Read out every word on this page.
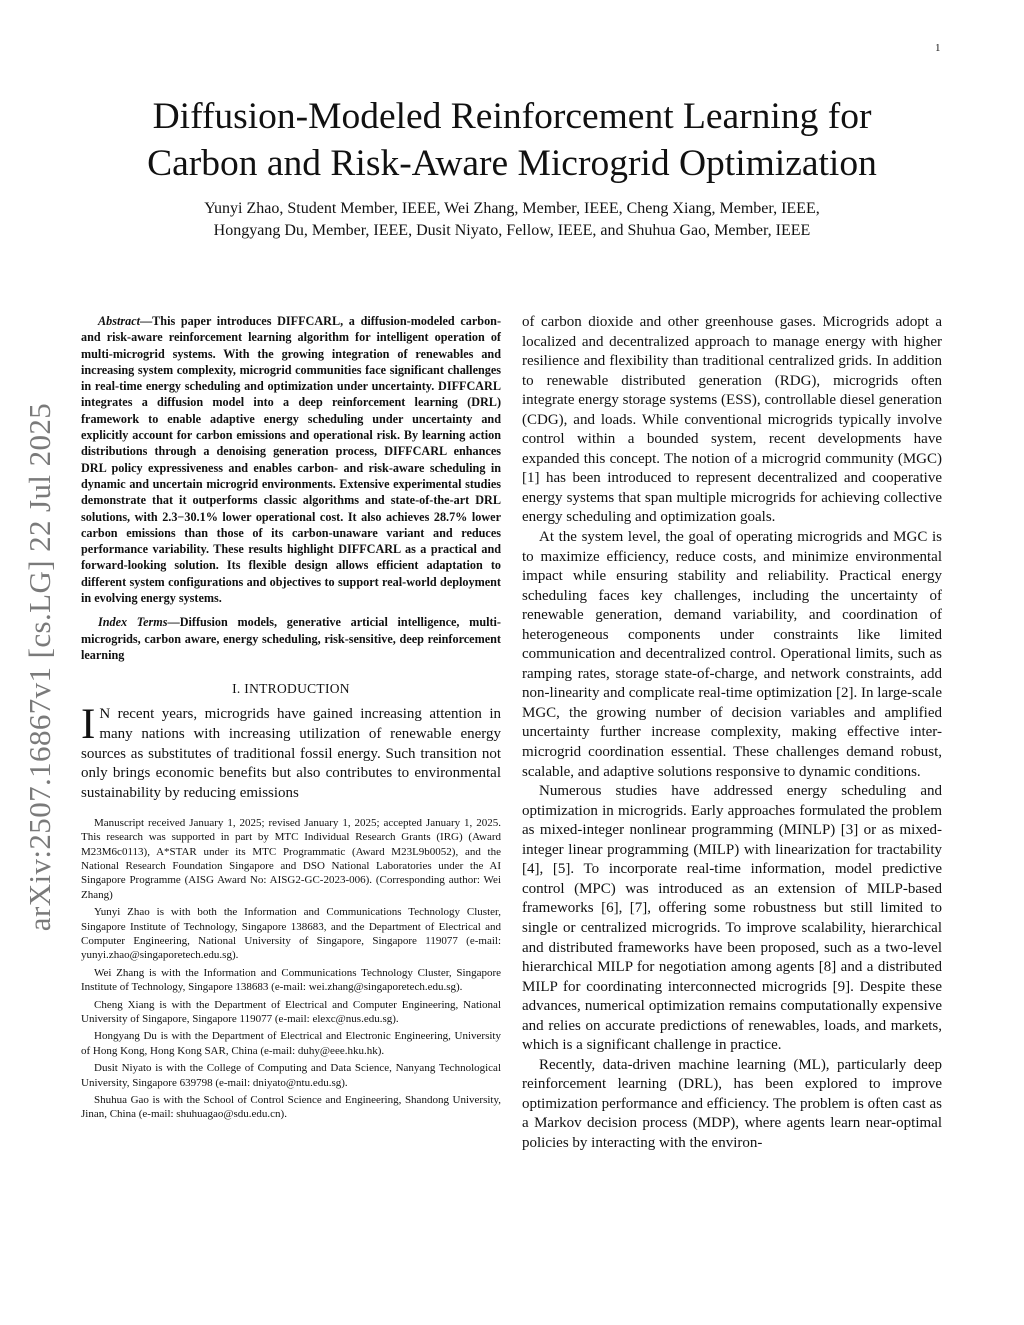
1
arXiv:2507.16867v1 [cs.LG] 22 Jul 2025
Diffusion-Modeled Reinforcement Learning for
Carbon and Risk-Aware Microgrid Optimization
Yunyi Zhao, Student Member, IEEE, Wei Zhang, Member, IEEE, Cheng Xiang, Member, IEEE,
Hongyang Du, Member, IEEE, Dusit Niyato, Fellow, IEEE, and Shuhua Gao, Member, IEEE

Abstract—This paper introduces DIFFCARL, a diffusion-modeled carbon- and risk-aware reinforcement learning algorithm for intelligent operation of multi-microgrid systems. With the growing integration of renewables and increasing system complexity, microgrid communities face significant challenges in real-time energy scheduling and optimization under uncertainty. DIFFCARL integrates a diffusion model into a deep reinforcement learning (DRL) framework to enable adaptive energy scheduling under uncertainty and explicitly account for carbon emissions and operational risk. By learning action distributions through a denoising generation process, DIFFCARL enhances DRL policy expressiveness and enables carbon- and risk-aware scheduling in dynamic and uncertain microgrid environments. Extensive experimental studies demonstrate that it outperforms classic algorithms and state-of-the-art DRL solutions, with 2.3−30.1% lower operational cost. It also achieves 28.7% lower carbon emissions than those of its carbon-unaware variant and reduces performance variability. These results highlight DIFFCARL as a practical and forward-looking solution. Its flexible design allows efficient adaptation to different system configurations and objectives to support real-world deployment in evolving energy systems.

Index Terms—Diffusion models, generative articial intelligence, multi-microgrids, carbon aware, energy scheduling, risk-sensitive, deep reinforcement learning

I. INTRODUCTION

I N recent years, microgrids have gained increasing attention in many nations with increasing utilization of renewable energy sources as substitutes of traditional fossil energy. Such transition not only brings economic benefits but also contributes to environmental sustainability by reducing emissions

Manuscript received January 1, 2025; revised January 1, 2025; accepted January 1, 2025. This research was supported in part by MTC Individual Research Grants (IRG) (Award M23M6c0113), A*STAR under its MTC Programmatic (Award M23L9b0052), and the National Research Foundation Singapore and DSO National Laboratories under the AI Singapore Programme (AISG Award No: AISG2-GC-2023-006). (Corresponding author: Wei Zhang)

Yunyi Zhao is with both the Information and Communications Technology Cluster, Singapore Institute of Technology, Singapore 138683, and the Department of Electrical and Computer Engineering, National University of Singapore, Singapore 119077 (e-mail: yunyi.zhao@singaporetech.edu.sg).

Wei Zhang is with the Information and Communications Technology Cluster, Singapore Institute of Technology, Singapore 138683 (e-mail: wei.zhang@singaporetech.edu.sg).

Cheng Xiang is with the Department of Electrical and Computer Engineering, National University of Singapore, Singapore 119077 (e-mail: elexc@nus.edu.sg).

Hongyang Du is with the Department of Electrical and Electronic Engineering, University of Hong Kong, Hong Kong SAR, China (e-mail: duhy@eee.hku.hk).

Dusit Niyato is with the College of Computing and Data Science, Nanyang Technological University, Singapore 639798 (e-mail: dniyato@ntu.edu.sg).

Shuhua Gao is with the School of Control Science and Engineering, Shandong University, Jinan, China (e-mail: shuhuagao@sdu.edu.cn).

of carbon dioxide and other greenhouse gases. Microgrids adopt a localized and decentralized approach to manage energy with higher resilience and flexibility than traditional centralized grids. In addition to renewable distributed generation (RDG), microgrids often integrate energy storage systems (ESS), controllable diesel generation (CDG), and loads. While conventional microgrids typically involve control within a bounded system, recent developments have expanded this concept. The notion of a microgrid community (MGC) [1] has been introduced to represent decentralized and cooperative energy systems that span multiple microgrids for achieving collective energy scheduling and optimization goals.

At the system level, the goal of operating microgrids and MGC is to maximize efficiency, reduce costs, and minimize environmental impact while ensuring stability and reliability. Practical energy scheduling faces key challenges, including the uncertainty of renewable generation, demand variability, and coordination of heterogeneous components under constraints like limited communication and decentralized control. Operational limits, such as ramping rates, storage state-of-charge, and network constraints, add non-linearity and complicate real-time optimization [2]. In large-scale MGC, the growing number of decision variables and amplified uncertainty further increase complexity, making effective inter-microgrid coordination essential. These challenges demand robust, scalable, and adaptive solutions responsive to dynamic conditions.

Numerous studies have addressed energy scheduling and optimization in microgrids. Early approaches formulated the problem as mixed-integer nonlinear programming (MINLP) [3] or as mixed-integer linear programming (MILP) with linearization for tractability [4], [5]. To incorporate real-time information, model predictive control (MPC) was introduced as an extension of MILP-based frameworks [6], [7], offering some robustness but still limited to single or centralized microgrids. To improve scalability, hierarchical and distributed frameworks have been proposed, such as a two-level hierarchical MILP for negotiation among agents [8] and a distributed MILP for coordinating interconnected microgrids [9]. Despite these advances, numerical optimization remains computationally expensive and relies on accurate predictions of renewables, loads, and markets, which is a significant challenge in practice.

Recently, data-driven machine learning (ML), particularly deep reinforcement learning (DRL), has been explored to improve optimization performance and efficiency. The problem is often cast as a Markov decision process (MDP), where agents learn near-optimal policies by interacting with the environ-
